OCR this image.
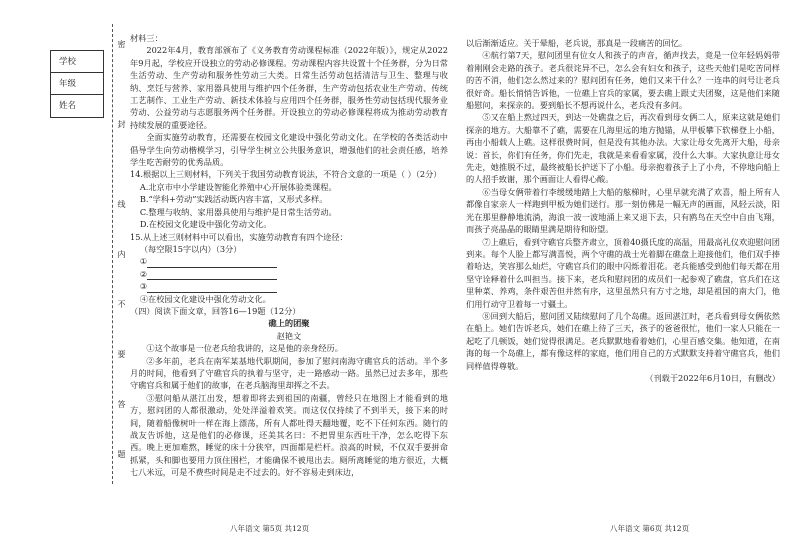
学校
年级
姓名
密
封
线
内
不
要
答
题

材料三：

2022年4月，教育部颁布了《义务教育劳动课程标准（2022年版）》，规定从2022年9月起，学校应开设独立的劳动必修课程。劳动课程内容共设置十个任务群，分为日常生活劳动、生产劳动和服务性劳动三大类。日常生活劳动包括清洁与卫生、整理与收纳、烹饪与营养、家用器具使用与维护四个任务群，生产劳动包括农业生产劳动、传统工艺制作、工业生产劳动、新技术体验与应用四个任务群，服务性劳动包括现代服务业劳动、公益劳动与志愿服务两个任务群。开设独立的劳动必修课程将成为推动劳动教育持续发展的重要途径。

全面实施劳动教育，还需要在校园文化建设中强化劳动文化。在学校的各类活动中倡导学生向劳动楷模学习，引导学生树立公共服务意识，增强他们的社会责任感，培养学生吃苦耐劳的优秀品质。

14.根据以上三则材料，下列关于我国劳动教育说法，不符合文意的一项是（ ）（2分）

A.北京市中小学建设智能化养殖中心开展体验类课程。

B.“学科+劳动”实践活动既内容丰富，又形式多样。

C.整理与收纳、家用器具使用与维护是日常生活劳动。

D.在校园文化建设中强化劳动文化。

15.从上述三则材料中可以看出，实施劳动教育有四个途径：

（每空限15字以内）（3分）

①

②

③

④在校园文化建设中强化劳动文化。

（四）阅读下面文章，回答16—19题（12分）

礁上的团聚

赵艳文

①这个故事是一位老兵给我讲的，这是他的亲身经历。

②多年前，老兵在南军某基地代职期间，参加了慰问南海守礁官兵的活动。半个多月的时间，他看到了守礁官兵的执着与坚守，走一路感动一路。虽然已过去多年，那些守礁官兵和属于他们的故事，在老兵脑海里却挥之不去。

③慰问船从湛江出发，想着即将去到祖国的南疆，曾经只在地图上才能看到的地方，慰问团的人都很激动，处处洋溢着欢笑。而这仅仅持续了不到半天，接下来的时间，随着船像树叶一样在海上漂荡，所有人都吐得天翻地覆，吃不下任何东西。随行的战友告诉他，这是他们的必修课，还美其名曰：不把胃里东西吐干净，怎么吃得下东西。晚上更加难熬，睡觉的床十分狭窄，四面都是栏杆。浪高的时候，不仅双手要拼命抓紧，头和脚也要用力顶住围栏，才能确保不被甩出去。厕所离睡觉的地方很近，大概七八米远，可是不费些时间是走不过去的。好不容易走到床边，

以后渐渐适应。关于晕船，老兵说，那真是一段痛苦的回忆。

④航行第7天，慰问团里有位女人和孩子的声音，循声找去，竟是一位年轻妈妈带着刚刚会走路的孩子。老兵很诧异不已，怎么会有妇女和孩子，这些天他们是吃苦同样的苦不消，他们怎么然过来的？慰问团有任务，她们又来干什么？一连串的问号让老兵很好奇。船长悄悄告诉他，一位礁上官兵的家属，要去礁上跟丈夫团聚，这是他们来随船慰问，来探亲的。要到船长不想再说什么，老兵没有多问。

⑤又在船上熬过四天，到达一处礁盘之后，再次看到母女俩二人，原来这就是她们探亲的地方。大船靠不了礁，需要在几海里远的地方抛锚，从甲板攀下软梯登上小船，再由小船载人上礁。这样很费时间，但是没有其他办法。大家让母女先离开大船，母亲说：首长，你们有任务，你们先走，我就是来看看家属，没什么大事。大家执意让母女先走，她推脱不过，最终被船长护送下了小船。母亲抱着孩子上了小舟，不停地向船上的人招手致谢，那个画面让人看得心酸。

⑥当母女俩带着行李缓缓地踏上大船的舷梯时，心里早就充满了欢喜，船上所有人都像自家亲人一样跑到甲板为她们送行。那一刻仿佛是一幅无声的画面，风轻云淡，阳光在那里静静地流淌，海浪一波一波地涌上来又退下去，只有鸥鸟在天空中自由飞翔，而孩子亮晶晶的眼睛里满是期待和盼望。

⑦上礁后，看到守礁官兵整齐肃立，顶着40摄氏度的高温，用最高礼仪欢迎慰问团到来。每个人脸上都写满喜悦，两个守礁的战士光着脚在礁盘上迎接他们，他们双手捧着哈达，笑容那么灿烂，守礁官兵们的眼中闪烁着泪花。老兵能感受到他们每天都在用坚守诠释着什么叫担当。接下来，老兵和慰问团的成员们一起参观了礁盘，官兵们在这里种菜、养鸡，条件艰苦但井然有序，这里虽然只有方寸之地，却是祖国的南大门，他们用行动守卫着每一寸疆土。

⑧回到大船后，慰问团又陆续慰问了几个岛礁。返回湛江时，老兵看到母女俩依然在船上。她们告诉老兵，她们在礁上待了三天，孩子的爸爸很忙，他们一家人只能在一起吃了几顿饭，她们觉得很满足。老兵默默地看着她们，心里百感交集。他知道，在南海的每一个岛礁上，都有像这样的家庭，他们用自己的方式默默支持着守礁官兵，他们同样值得尊敬。

（刊载于2022年6月10日，有删改）

八年语文 第5页 共12页	八年语文 第6页 共12页
